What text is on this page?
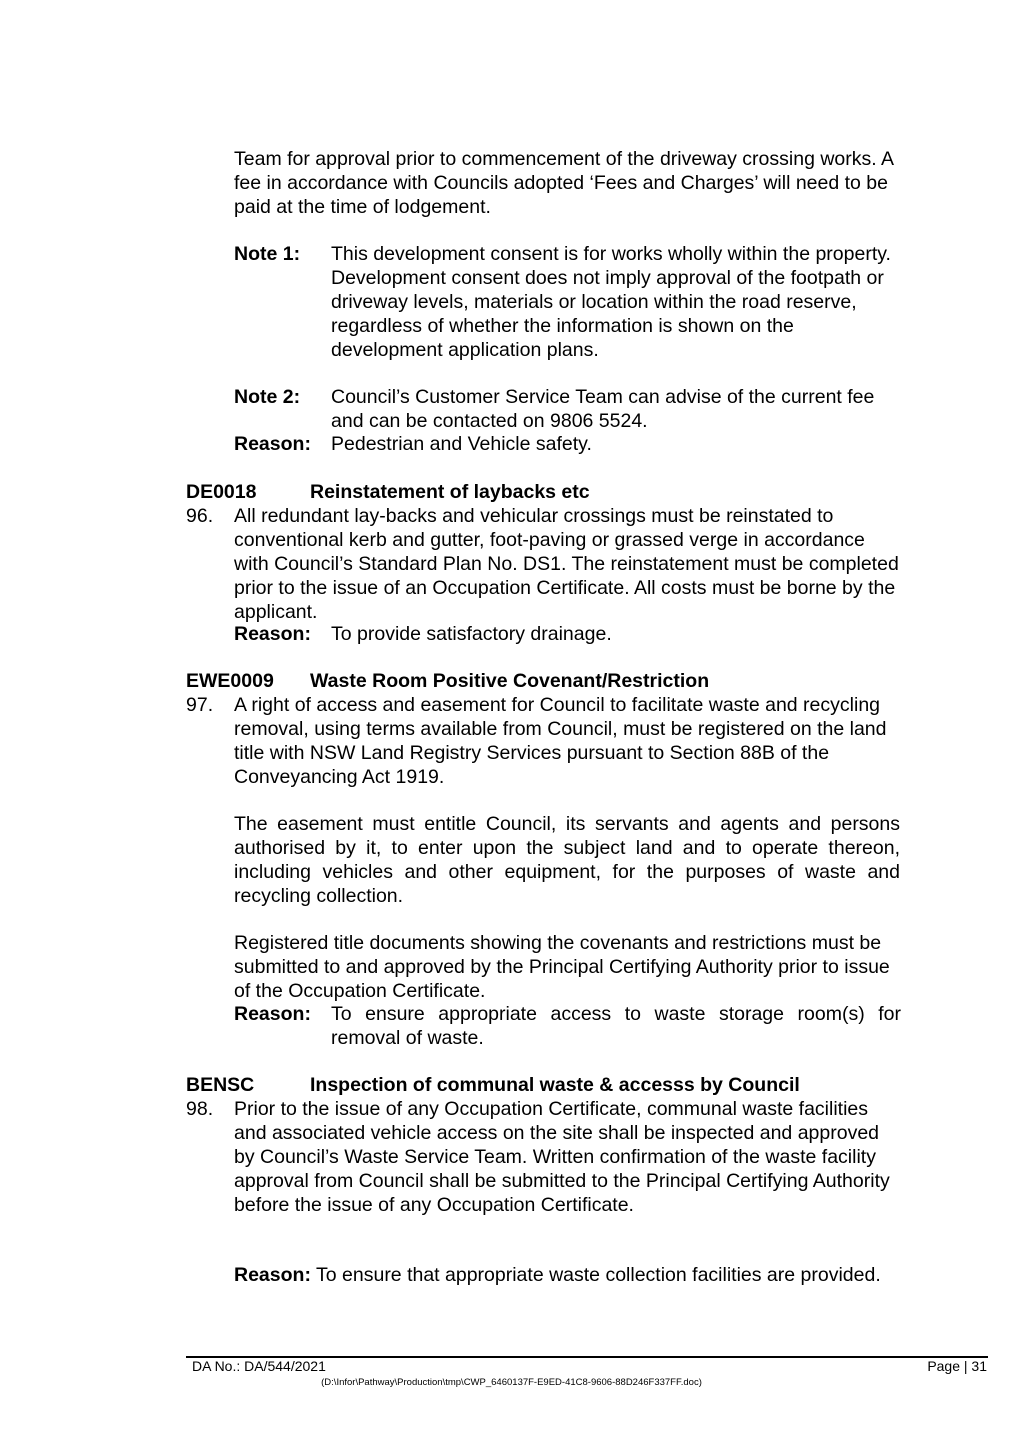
Team for approval prior to commencement of the driveway crossing works. A fee in accordance with Councils adopted ‘Fees and Charges’ will need to be paid at the time of lodgement.

Note 1: This development consent is for works wholly within the property. Development consent does not imply approval of the footpath or driveway levels, materials or location within the road reserve, regardless of whether the information is shown on the development application plans.

Note 2: Council’s Customer Service Team can advise of the current fee and can be contacted on 9806 5524.

Reason: Pedestrian and Vehicle safety.

DE0018	Reinstatement of laybacks etc
96. All redundant lay-backs and vehicular crossings must be reinstated to conventional kerb and gutter, foot-paving or grassed verge in accordance with Council’s Standard Plan No. DS1. The reinstatement must be completed prior to the issue of an Occupation Certificate. All costs must be borne by the applicant.

Reason: To provide satisfactory drainage.

EWE0009 Waste Room Positive Covenant/Restriction
97. A right of access and easement for Council to facilitate waste and recycling removal, using terms available from Council, must be registered on the land title with NSW Land Registry Services pursuant to Section 88B of the Conveyancing Act 1919.

The easement must entitle Council, its servants and agents and persons authorised by it, to enter upon the subject land and to operate thereon, including vehicles and other equipment, for the purposes of waste and recycling collection.

Registered title documents showing the covenants and restrictions must be submitted to and approved by the Principal Certifying Authority prior to issue of the Occupation Certificate.

Reason: To ensure appropriate access to waste storage room(s) for removal of waste.

BENSC	Inspection of communal waste & accesss by Council
98. Prior to the issue of any Occupation Certificate, communal waste facilities and associated vehicle access on the site shall be inspected and approved by Council’s Waste Service Team. Written confirmation of the waste facility approval from Council shall be submitted to the Principal Certifying Authority before the issue of any Occupation Certificate.

Reason: To ensure that appropriate waste collection facilities are provided.

DA No.: DA/544/2021	Page | 31
(D:\Infor\Pathway\Production\tmp\CWP_6460137F-E9ED-41C8-9606-88D246F337FF.doc)
